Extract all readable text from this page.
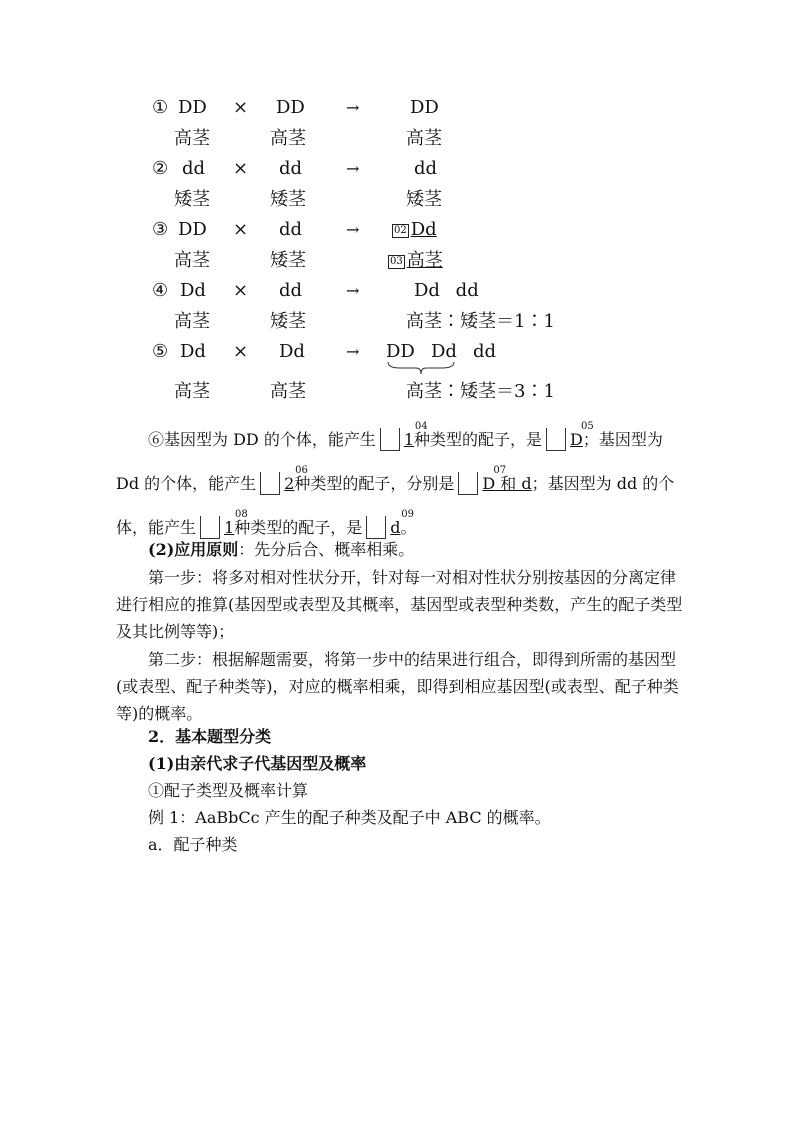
① DD × DD	→	DD
高茎	高茎	高茎
② dd × dd	→	dd
矮茎	矮茎	矮茎
③ DD × dd	→	02 Dd
高茎	矮茎	03 高茎
④ Dd × dd	→	Dd dd
高茎	矮茎	高茎∶矮茎＝1∶1
⑤ Dd × Dd	→ DD Dd dd
高茎	高茎	高茎∶矮茎＝3∶1
⑥基因型为 DD 的个体，能产生
04
1种类型的配子，是
05
D；基因型为 Dd 的个体，能产生
06
2种类型的配子，分别是
07
D 和 d；基因型为 dd 的个体，能产生
08
1种类型的配子，是
09
d。
(2)应用原则：先分后合、概率相乘。
第一步：将多对相对性状分开，针对每一对相对性状分别按基因的分离定律进行相应的推算(基因型或表型及其概率，基因型或表型种类数，产生的配子类型及其比例等等)；
第二步：根据解题需要，将第一步中的结果进行组合，即得到所需的基因型(或表型、配子种类等)，对应的概率相乘，即得到相应基因型(或表型、配子种类等)的概率。
2．基本题型分类
(1)由亲代求子代基因型及概率
①配子类型及概率计算
例 1：AaBbCc 产生的配子种类及配子中 ABC 的概率。
a．配子种类
